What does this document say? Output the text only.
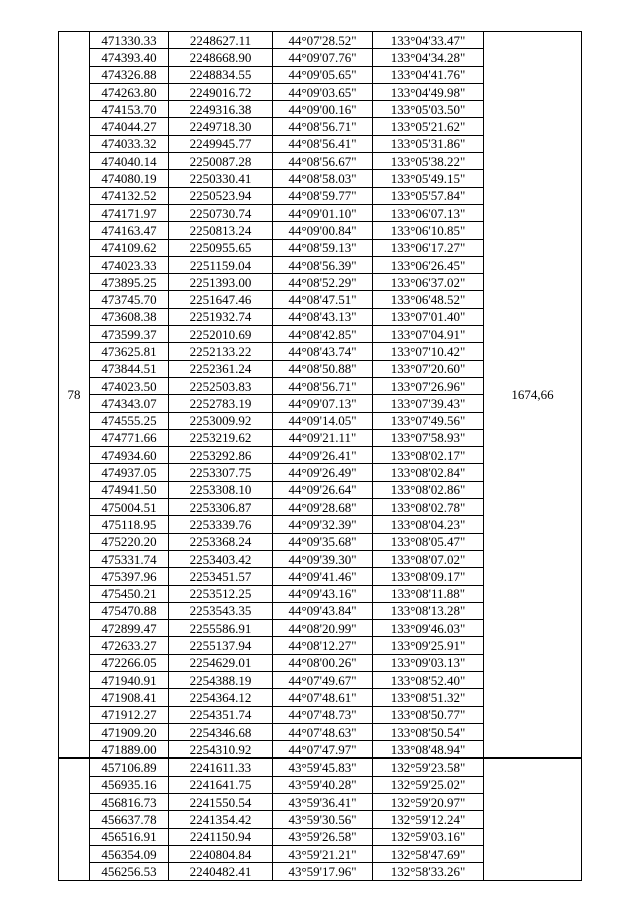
78	471330.33	2248627.11	44°07'28.52"	133°04'33.47"	1674,66
	474393.40	2248668.90	44°09'07.76"	133°04'34.28"	
	474326.88	2248834.55	44°09'05.65"	133°04'41.76"	
	474263.80	2249016.72	44°09'03.65"	133°04'49.98"	
	474153.70	2249316.38	44°09'00.16"	133°05'03.50"	
	474044.27	2249718.30	44°08'56.71"	133°05'21.62"	
	474033.32	2249945.77	44°08'56.41"	133°05'31.86"	
	474040.14	2250087.28	44°08'56.67"	133°05'38.22"	
	474080.19	2250330.41	44°08'58.03"	133°05'49.15"	
	474132.52	2250523.94	44°08'59.77"	133°05'57.84"	
	474171.97	2250730.74	44°09'01.10"	133°06'07.13"	
	474163.47	2250813.24	44°09'00.84"	133°06'10.85"	
	474109.62	2250955.65	44°08'59.13"	133°06'17.27"	
	474023.33	2251159.04	44°08'56.39"	133°06'26.45"	
	473895.25	2251393.00	44°08'52.29"	133°06'37.02"	
	473745.70	2251647.46	44°08'47.51"	133°06'48.52"	
	473608.38	2251932.74	44°08'43.13"	133°07'01.40"	
	473599.37	2252010.69	44°08'42.85"	133°07'04.91"	
	473625.81	2252133.22	44°08'43.74"	133°07'10.42"	
	473844.51	2252361.24	44°08'50.88"	133°07'20.60"	
	474023.50	2252503.83	44°08'56.71"	133°07'26.96"	
	474343.07	2252783.19	44°09'07.13"	133°07'39.43"	
	474555.25	2253009.92	44°09'14.05"	133°07'49.56"	
	474771.66	2253219.62	44°09'21.11"	133°07'58.93"	
	474934.60	2253292.86	44°09'26.41"	133°08'02.17"	
	474937.05	2253307.75	44°09'26.49"	133°08'02.84"	
	474941.50	2253308.10	44°09'26.64"	133°08'02.86"	
	475004.51	2253306.87	44°09'28.68"	133°08'02.78"	
	475118.95	2253339.76	44°09'32.39"	133°08'04.23"	
	475220.20	2253368.24	44°09'35.68"	133°08'05.47"	
	475331.74	2253403.42	44°09'39.30"	133°08'07.02"	
	475397.96	2253451.57	44°09'41.46"	133°08'09.17"	
	475450.21	2253512.25	44°09'43.16"	133°08'11.88"	
	475470.88	2253543.35	44°09'43.84"	133°08'13.28"	
	472899.47	2255586.91	44°08'20.99"	133°09'46.03"	
	472633.27	2255137.94	44°08'12.27"	133°09'25.91"	
	472266.05	2254629.01	44°08'00.26"	133°09'03.13"	
	471940.91	2254388.19	44°07'49.67"	133°08'52.40"	
	471908.41	2254364.12	44°07'48.61"	133°08'51.32"	
	471912.27	2254351.74	44°07'48.73"	133°08'50.77"	
	471909.20	2254346.68	44°07'48.63"	133°08'50.54"	
	471889.00	2254310.92	44°07'47.97"	133°08'48.94"	
	457106.89	2241611.33	43°59'45.83"	132°59'23.58"	
	456935.16	2241641.75	43°59'40.28"	132°59'25.02"	
	456816.73	2241550.54	43°59'36.41"	132°59'20.97"	
	456637.78	2241354.42	43°59'30.56"	132°59'12.24"	
	456516.91	2241150.94	43°59'26.58"	132°59'03.16"	
	456354.09	2240804.84	43°59'21.21"	132°58'47.69"	
	456256.53	2240482.41	43°59'17.96"	132°58'33.26"	
